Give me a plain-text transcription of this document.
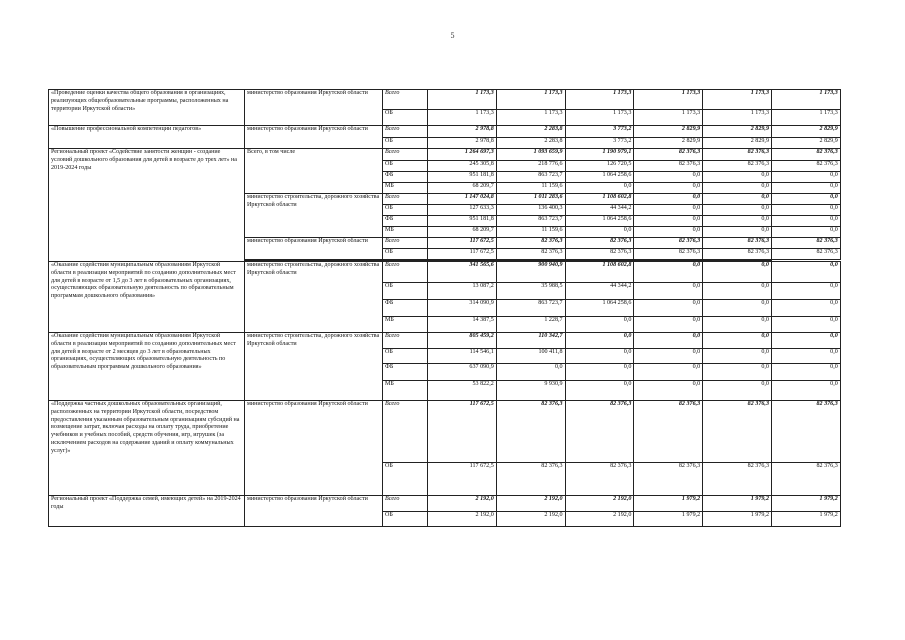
5
«Проведение оценки качества общего образования в организациях, реализующих общеобразовательные программы, расположенных на территории Иркутской области»	министерство образования Иркутской области	Всего	1 173,3	1 173,3	1 173,3	1 173,3	1 173,3	1 173,3
		ОБ	1 173,3	1 173,3	1 173,3	1 173,3	1 173,3	1 173,3
«Повышение профессиональной компетенции педагогов»	министерство образования Иркутской области	Всего	2 978,8	2 283,8	3 773,2	2 829,9	2 829,9	2 829,9
		ОБ	2 978,8	2 283,8	3 773,2	2 829,9	2 829,9	2 829,9
Региональный проект «Содействие занятости женщин - создание условий дошкольного образования для детей в возрасте до трех лет» на 2019-2024 годы	Всего, в том числе	Всего	1 264 697,3	1 093 659,9	1 190 979,1	82 376,3	82 376,3	82 376,3
		ОБ	245 305,8	218 776,6	126 720,5	82 376,3	82 376,3	82 376,3
		ФБ	951 181,8	863 723,7	1 064 258,6	0,0	0,0	0,0
		МБ	68 209,7	11 159,6	0,0	0,0	0,0	0,0
	министерство строительства, дорожного хозяйства Иркутской области	Всего	1 147 024,8	1 011 283,6	1 108 602,8	0,0	0,0	0,0
		ОБ	127 633,3	136 400,3	44 344,2	0,0	0,0	0,0
		ФБ	951 181,8	863 723,7	1 064 258,6	0,0	0,0	0,0
		МБ	68 209,7	11 159,6	0,0	0,0	0,0	0,0
	министерство образования Иркутской области	Всего	117 672,5	82 376,3	82 376,3	82 376,3	82 376,3	82 376,3
		ОБ	117 672,5	82 376,3	82 376,3	82 376,3	82 376,3	82 376,3

«Оказание содействия муниципальным образованиям Иркутской области в реализации мероприятий по созданию дополнительных мест для детей в возрасте от 1,5 до 3 лет в образовательных организациях, осуществляющих образовательную деятельность по образовательным программам дошкольного образования»	министерство строительства, дорожного хозяйства Иркутской области	Всего	341 565,6	900 940,9	1 108 602,8	0,0	0,0	0,0
		ОБ	13 087,2	35 988,5	44 344,2	0,0	0,0	0,0
		ФБ	314 090,9	863 723,7	1 064 258,6	0,0	0,0	0,0
		МБ	14 387,5	1 228,7	0,0	0,0	0,0	0,0
«Оказание содействия муниципальным образованиям Иркутской области в реализации мероприятий по созданию дополнительных мест для детей в возрасте от 2 месяцев до 3 лет в образовательных организациях, осуществляющих образовательную деятельность по образовательным программам дошкольного образования»	министерство строительства, дорожного хозяйства Иркутской области	Всего	805 459,2	110 342,7	0,0	0,0	0,0	0,0
		ОБ	114 546,1	100 411,8	0,0	0,0	0,0	0,0
		ФБ	637 090,9	0,0	0,0	0,0	0,0	0,0
		МБ	53 822,2	9 930,9	0,0	0,0	0,0	0,0
«Поддержка частных дошкольных образовательных организаций, расположенных на территории Иркутской области, посредством предоставления указанным образовательным организациям субсидий на возмещение затрат, включая расходы на оплату труда, приобретение учебников и учебных пособий, средств обучения, игр, игрушек (за исключением расходов на содержание зданий и оплату коммунальных услуг)»	министерство образования Иркутской области	Всего	117 672,5	82 376,3	82 376,3	82 376,3	82 376,3	82 376,3
		ОБ	117 672,5	82 376,3	82 376,3	82 376,3	82 376,3	82 376,3
Региональный проект «Поддержка семей, имеющих детей» на 2019-2024 годы	министерство образования Иркутской области	Всего	2 192,0	2 192,0	2 192,0	1 979,2	1 979,2	1 979,2
		ОБ	2 192,0	2 192,0	2 192,0	1 979,2	1 979,2	1 979,2
